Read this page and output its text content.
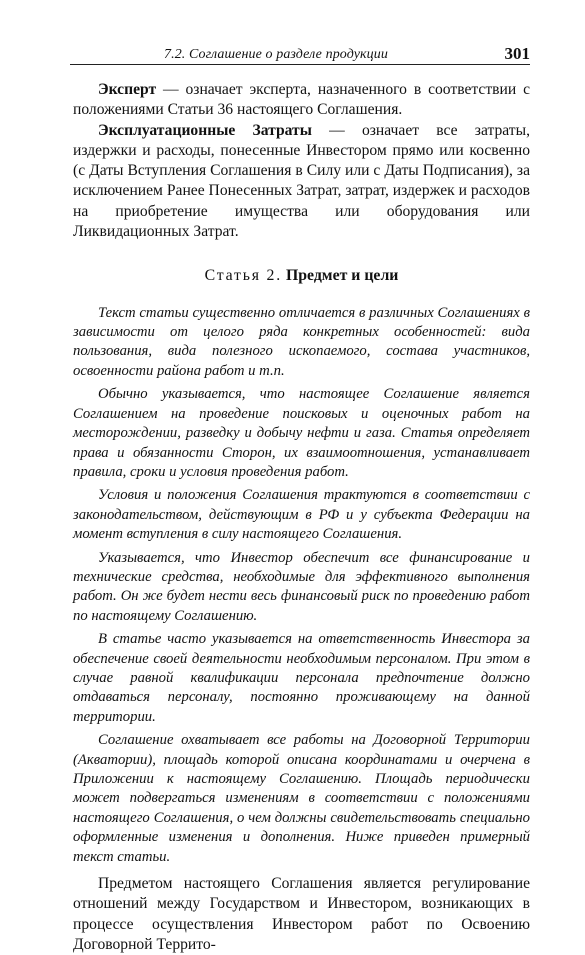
7.2. Соглашение о разделе продукции	301

Эксперт — означает эксперта, назначенного в соответствии с положениями Статьи 36 настоящего Соглашения.

Эксплуатационные Затраты — означает все затраты, издержки и расходы, понесенные Инвестором прямо или косвенно (с Даты Вступления Соглашения в Силу или с Даты Подписания), за исключением Ранее Понесенных Затрат, затрат, издержек и расходов на приобретение имущества или оборудования или Ликвидационных Затрат.

Статья 2. Предмет и цели

Текст статьи существенно отличается в различных Соглашениях в зависимости от целого ряда конкретных особенностей: вида пользования, вида полезного ископаемого, состава участников, освоенности района работ и т.п.

Обычно указывается, что настоящее Соглашение является Соглашением на проведение поисковых и оценочных работ на месторождении, разведку и добычу нефти и газа. Статья определяет права и обязанности Сторон, их взаимоотношения, устанавливает правила, сроки и условия проведения работ.

Условия и положения Соглашения трактуются в соответствии с законодательством, действующим в РФ и у субъекта Федерации на момент вступления в силу настоящего Соглашения.

Указывается, что Инвестор обеспечит все финансирование и технические средства, необходимые для эффективного выполнения работ. Он же будет нести весь финансовый риск по проведению работ по настоящему Соглашению.

В статье часто указывается на ответственность Инвестора за обеспечение своей деятельности необходимым персоналом. При этом в случае равной квалификации персонала предпочтение должно отдаваться персоналу, постоянно проживающему на данной территории.

Соглашение охватывает все работы на Договорной Территории (Акватории), площадь которой описана координатами и очерчена в Приложении к настоящему Соглашению. Площадь периодически может подвергаться изменениям в соответствии с положениями настоящего Соглашения, о чем должны свидетельствовать специально оформленные изменения и дополнения. Ниже приведен примерный текст статьи.

Предметом настоящего Соглашения является регулирование отношений между Государством и Инвестором, возникающих в процессе осуществления Инвестором работ по Освоению Договорной Террито-
